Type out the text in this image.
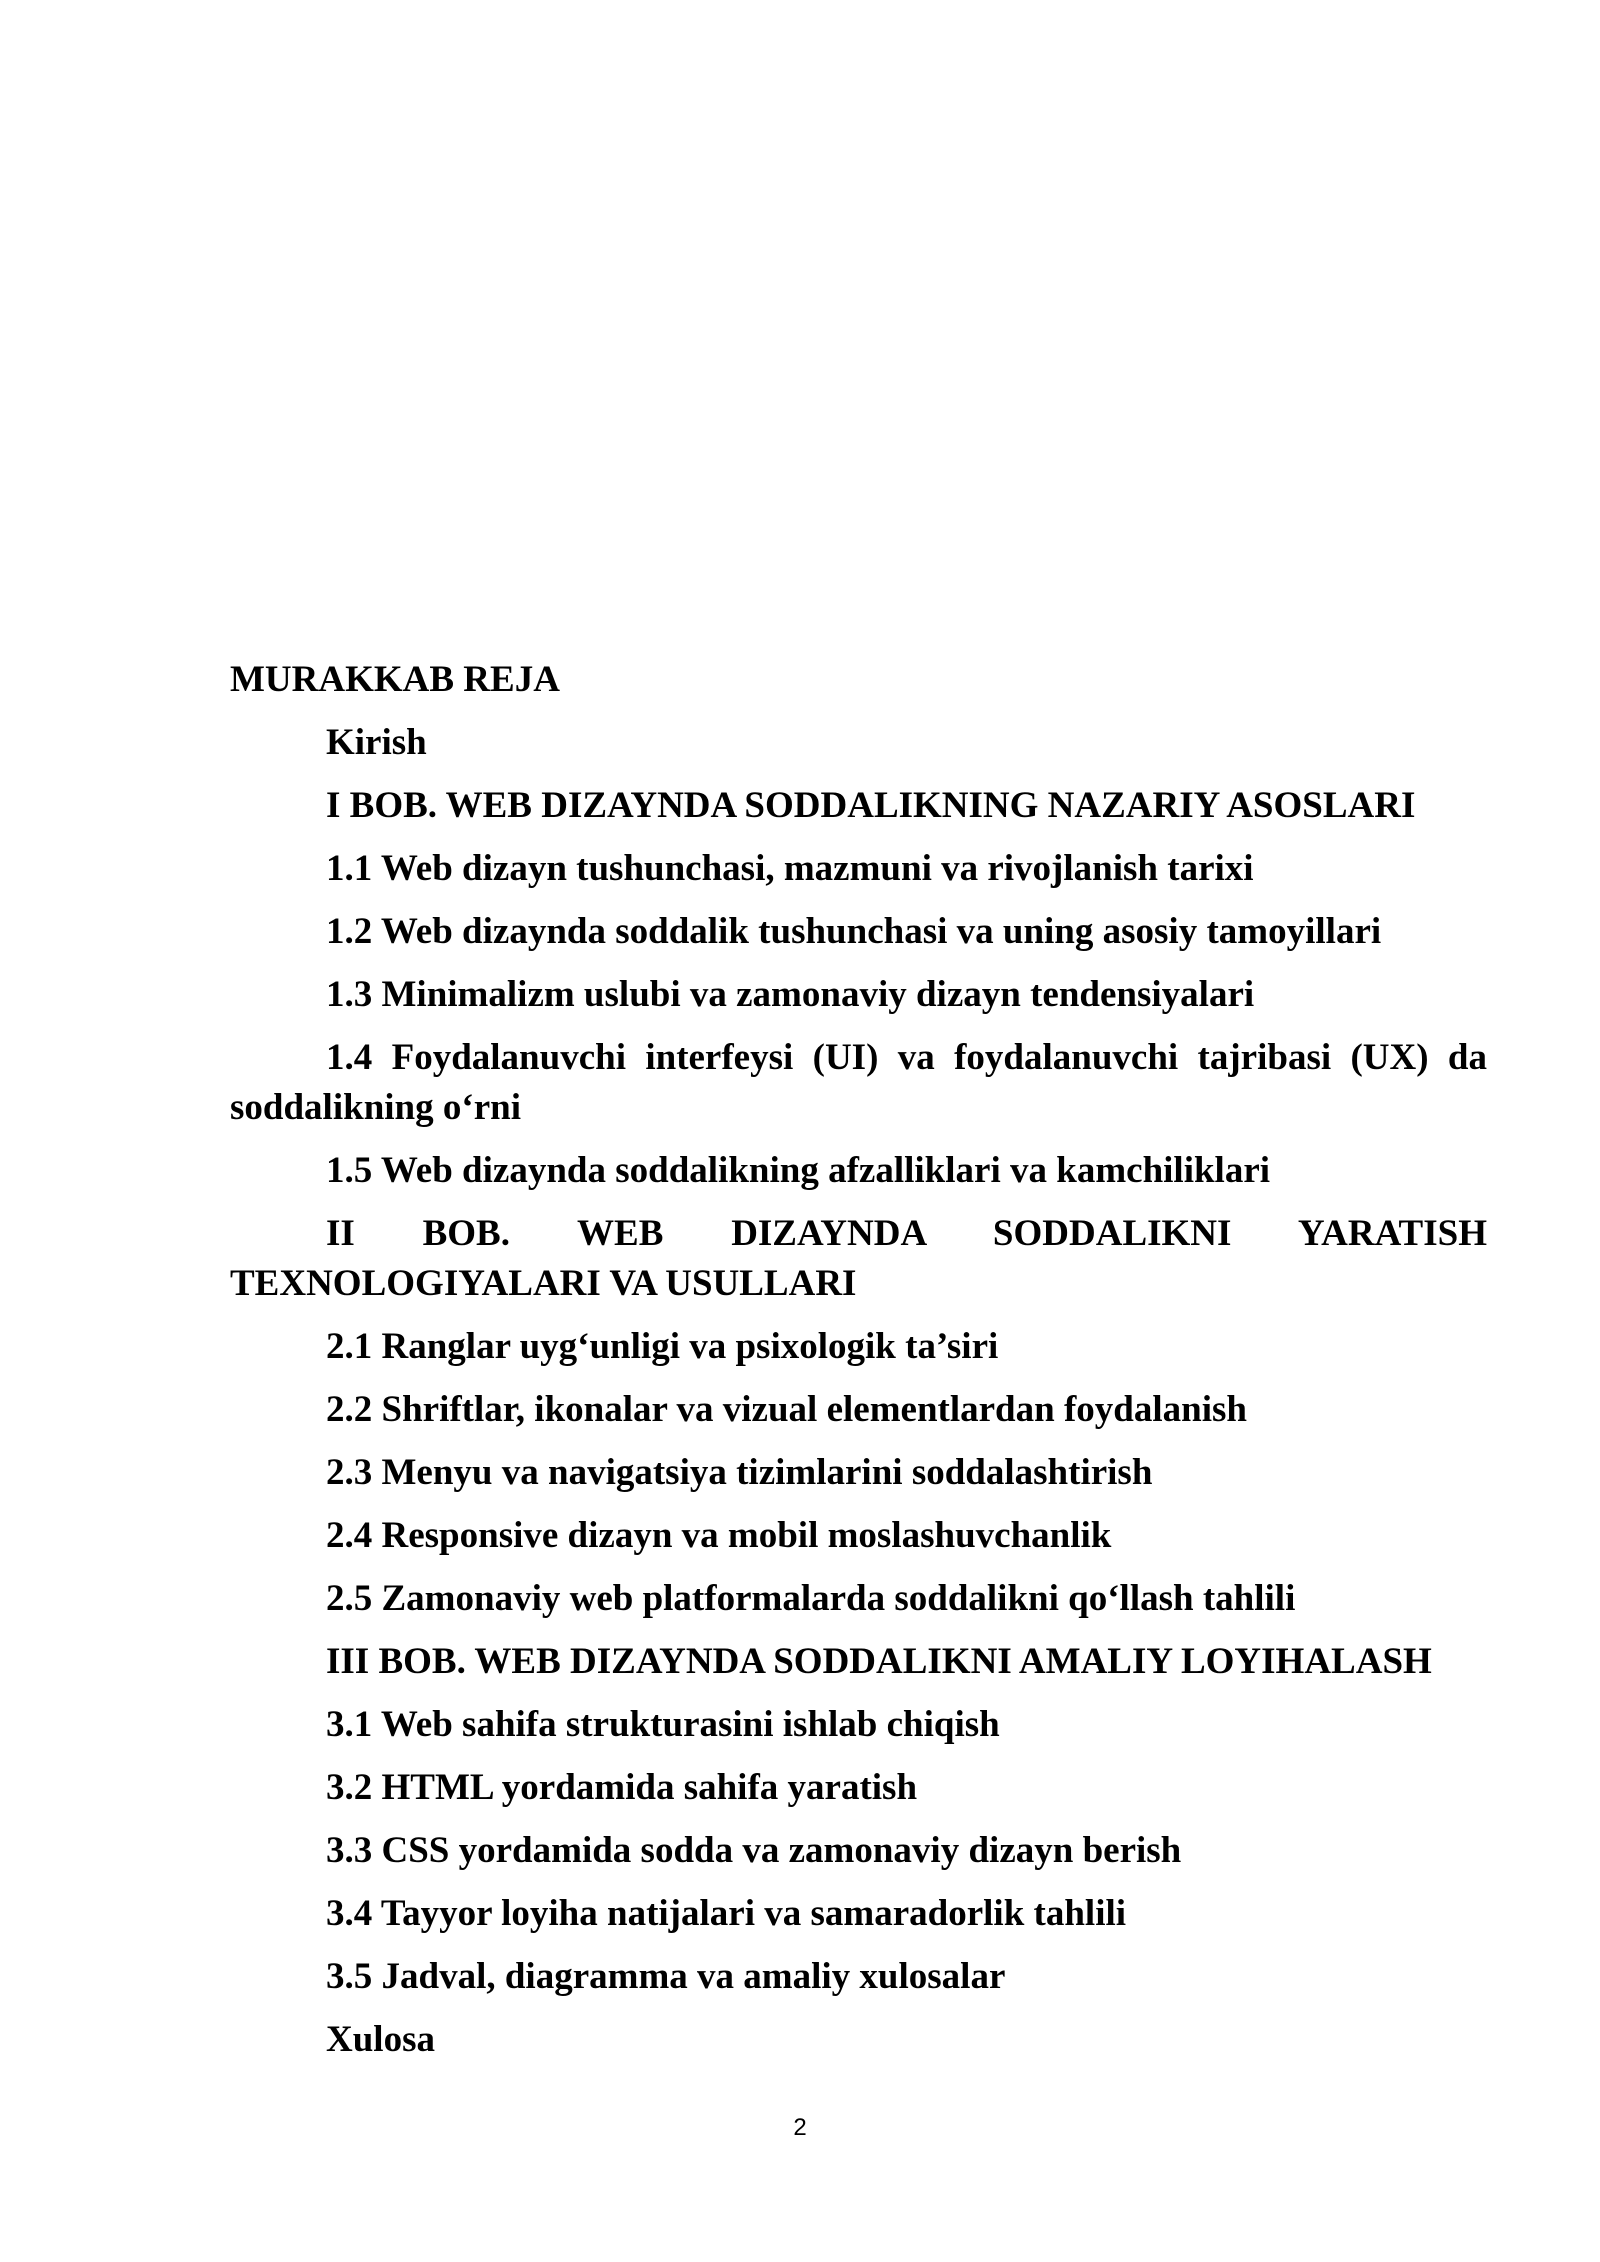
MURAKKAB REJA
Kirish
I BOB. WEB DIZAYNDA SODDALIKNING NAZARIY ASOSLARI
1.1 Web dizayn tushunchasi, mazmuni va rivojlanish tarixi
1.2 Web dizaynda soddalik tushunchasi va uning asosiy tamoyillari
1.3 Minimalizm uslubi va zamonaviy dizayn tendensiyalari
1.4 Foydalanuvchi interfeysi (UI) va foydalanuvchi tajribasi (UX) da soddalikning o‘rni
1.5 Web dizaynda soddalikning afzalliklari va kamchiliklari
II BOB. WEB DIZAYNDA SODDALIKNI YARATISH TEXNOLOGIYALARI VA USULLARI
2.1 Ranglar uyg‘unligi va psixologik ta’siri
2.2 Shriftlar, ikonalar va vizual elementlardan foydalanish
2.3 Menyu va navigatsiya tizimlarini soddalashtirish
2.4 Responsive dizayn va mobil moslashuvchanlik
2.5 Zamonaviy web platformalarda soddalikni qo‘llash tahlili
III BOB. WEB DIZAYNDA SODDALIKNI AMALIY LOYIHALASH
3.1 Web sahifa strukturasini ishlab chiqish
3.2 HTML yordamida sahifa yaratish
3.3 CSS yordamida sodda va zamonaviy dizayn berish
3.4 Tayyor loyiha natijalari va samaradorlik tahlili
3.5 Jadval, diagramma va amaliy xulosalar
Xulosa
2
